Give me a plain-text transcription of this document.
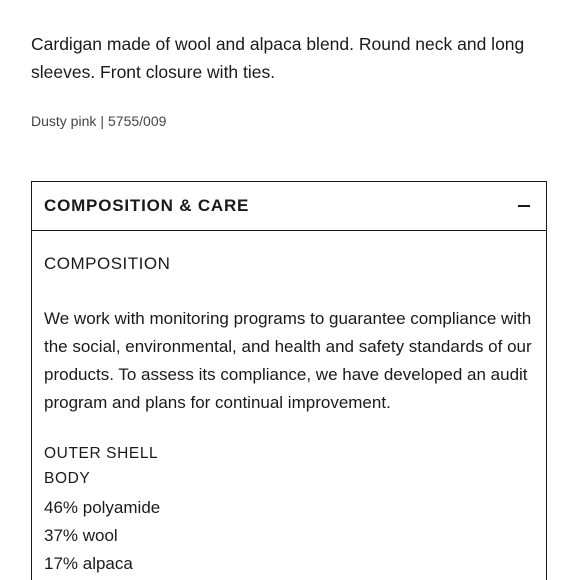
Cardigan made of wool and alpaca blend. Round neck and long sleeves. Front closure with ties.

Dusty pink | 5755/009
COMPOSITION & CARE
COMPOSITION
We work with monitoring programs to guarantee compliance with the social, environmental, and health and safety standards of our products. To assess its compliance, we have developed an audit program and plans for continual improvement.
OUTER SHELL
BODY
46% polyamide
37% wool
17% alpaca
